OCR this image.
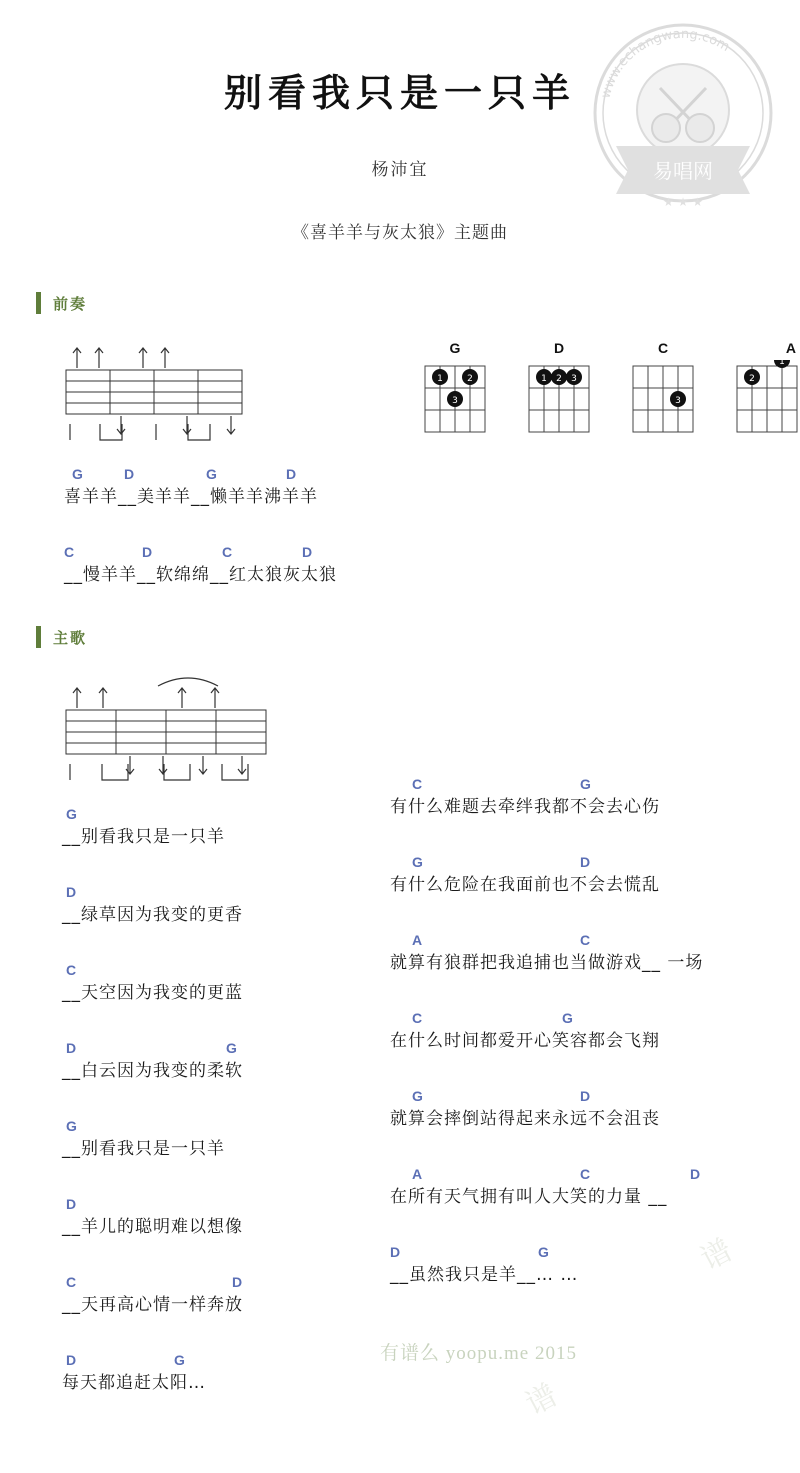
易唱网
★ ★ ★
www.echangwang.com
别看我只是一只羊
杨沛宜
《喜羊羊与灰太狼》主题曲
前奏
G
1	2
3
D
1 2 3
C
3
A
1
2
G	D	G	D
喜羊羊__美羊羊__懒羊羊沸羊羊
C	D	C	D
__慢羊羊__软绵绵__红太狼灰太狼
主歌
G
__别看我只是一只羊
D
__绿草因为我变的更香
C
__天空因为我变的更蓝
D	G
__白云因为我变的柔软
G
__别看我只是一只羊
D
__羊儿的聪明难以想像
C	D
__天再高心情一样奔放
D	G
每天都追赶太阳…
C	G
有什么难题去牵绊我都不会去心伤
G	D
有什么危险在我面前也不会去慌乱
A	C
就算有狼群把我追捕也当做游戏__ 一场
C	G
在什么时间都爱开心笑容都会飞翔
G	D
就算会摔倒站得起来永远不会沮丧
A	C	D
在所有天气拥有叫人大笑的力量 __
D	G
__虽然我只是羊__… …
有谱么 yoopu.me 2015
谱
谱
